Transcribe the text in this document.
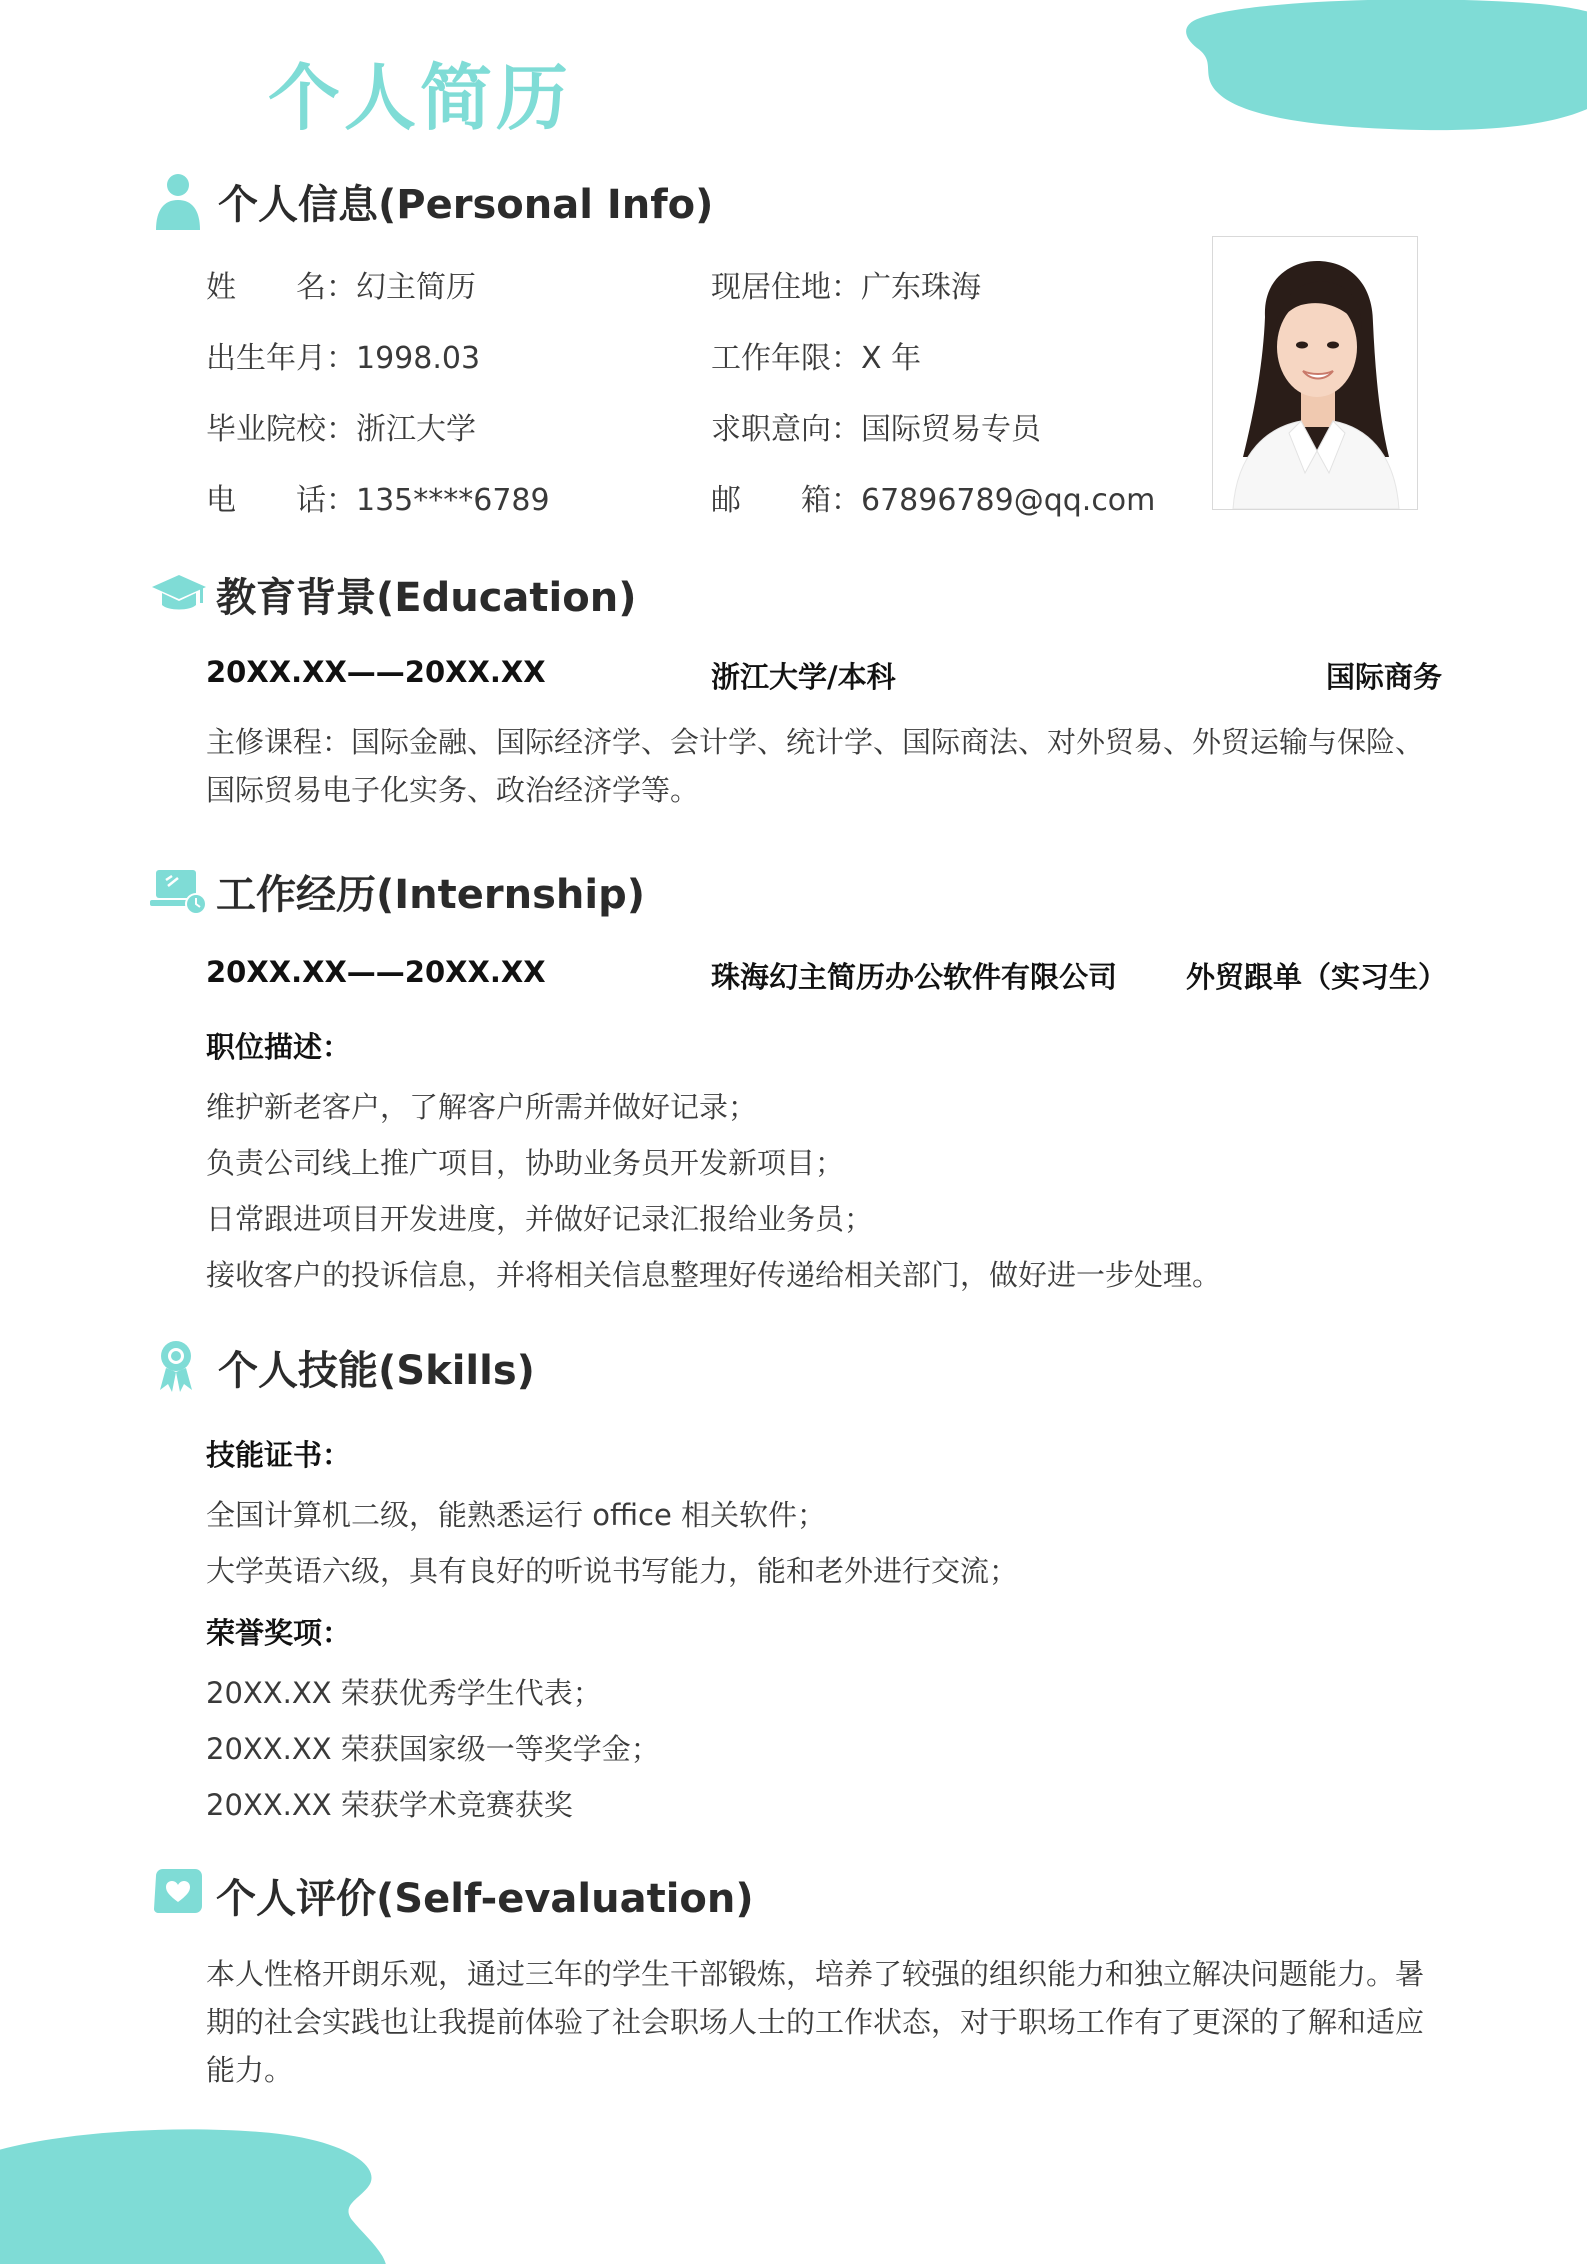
个人简历
个人信息(Personal Info)
姓　　名：幻主简历	现居住地：广东珠海
出生年月：1998.03	工作年限：X 年
毕业院校：浙江大学	求职意向：国际贸易专员
电　　话：135****6789	邮　　箱：67896789@qq.com
教育背景(Education)
20XX.XX——20XX.XX	浙江大学/本科	国际商务
主修课程：国际金融、国际经济学、会计学、统计学、国际商法、对外贸易、外贸运输与保险、国际贸易电子化实务、政治经济学等。
工作经历(Internship)
20XX.XX——20XX.XX	珠海幻主简历办公软件有限公司 外贸跟单（实习生）
职位描述：
维护新老客户，了解客户所需并做好记录；
负责公司线上推广项目，协助业务员开发新项目；
日常跟进项目开发进度，并做好记录汇报给业务员；
接收客户的投诉信息，并将相关信息整理好传递给相关部门，做好进一步处理。
个人技能(Skills)
技能证书：
全国计算机二级，能熟悉运行 office 相关软件；
大学英语六级，具有良好的听说书写能力，能和老外进行交流；
荣誉奖项：
20XX.XX 荣获优秀学生代表；
20XX.XX 荣获国家级一等奖学金；
20XX.XX 荣获学术竞赛获奖
个人评价(Self-evaluation)
本人性格开朗乐观，通过三年的学生干部锻炼，培养了较强的组织能力和独立解决问题能力。暑期的社会实践也让我提前体验了社会职场人士的工作状态，对于职场工作有了更深的了解和适应能力。
